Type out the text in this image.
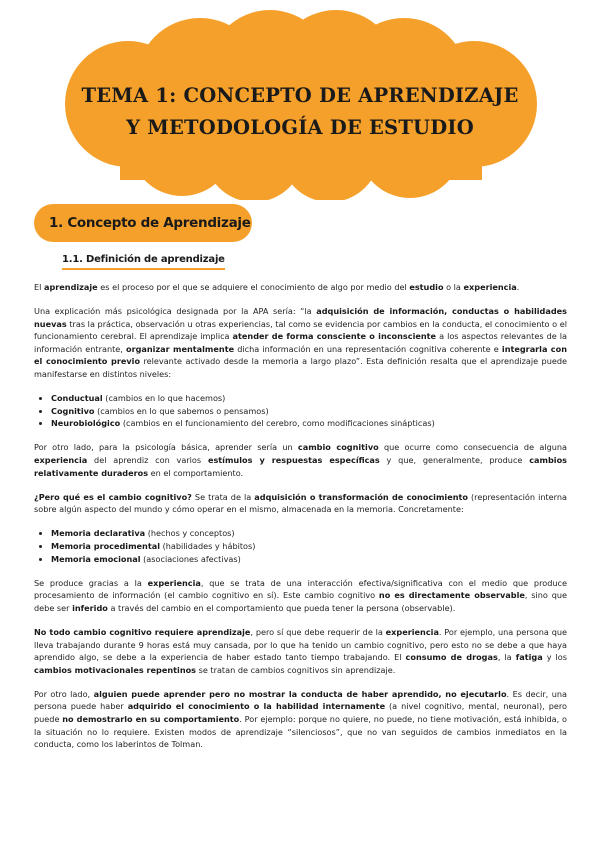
TEMA 1: CONCEPTO DE APRENDIZAJE
Y METODOLOGÍA DE ESTUDIO
1. Concepto de Aprendizaje
1.1. Definición de aprendizaje

El aprendizaje es el proceso por el que se adquiere el conocimiento de algo por medio del estudio o la experiencia.

Una explicación más psicológica designada por la APA sería: “la adquisición de información, conductas o habilidades nuevas tras la práctica, observación u otras experiencias, tal como se evidencia por cambios en la conducta, el conocimiento o el funcionamiento cerebral. El aprendizaje implica atender de forma consciente o inconsciente a los aspectos relevantes de la información entrante, organizar mentalmente dicha información en una representación cognitiva coherente e integrarla con el conocimiento previo relevante activado desde la memoria a largo plazo”. Esta definición resalta que el aprendizaje puede manifestarse en distintos niveles:

• Conductual (cambios en lo que hacemos)
• Cognitivo (cambios en lo que sabemos o pensamos)
• Neurobiológico (cambios en el funcionamiento del cerebro, como modificaciones sinápticas)

Por otro lado, para la psicología básica, aprender sería un cambio cognitivo que ocurre como consecuencia de alguna experiencia del aprendiz con varios estímulos y respuestas específicas y que, generalmente, produce cambios relativamente duraderos en el comportamiento.

¿Pero qué es el cambio cognitivo? Se trata de la adquisición o transformación de conocimiento (representación interna sobre algún aspecto del mundo y cómo operar en el mismo, almacenada en la memoria. Concretamente:

• Memoria declarativa (hechos y conceptos)
• Memoria procedimental (habilidades y hábitos)
• Memoria emocional (asociaciones afectivas)

Se produce gracias a la experiencia, que se trata de una interacción efectiva/significativa con el medio que produce procesamiento de información (el cambio cognitivo en sí). Este cambio cognitivo no es directamente observable, sino que debe ser inferido a través del cambio en el comportamiento que pueda tener la persona (observable).

No todo cambio cognitivo requiere aprendizaje, pero sí que debe requerir de la experiencia. Por ejemplo, una persona que lleva trabajando durante 9 horas está muy cansada, por lo que ha tenido un cambio cognitivo, pero esto no se debe a que haya aprendido algo, se debe a la experiencia de haber estado tanto tiempo trabajando. El consumo de drogas, la fatiga y los cambios motivacionales repentinos se tratan de cambios cognitivos sin aprendizaje.

Por otro lado, alguien puede aprender pero no mostrar la conducta de haber aprendido, no ejecutarlo. Es decir, una persona puede haber adquirido el conocimiento o la habilidad internamente (a nivel cognitivo, mental, neuronal), pero puede no demostrarlo en su comportamiento. Por ejemplo: porque no quiere, no puede, no tiene motivación, está inhibida, o la situación no lo requiere. Existen modos de aprendizaje “silenciosos”, que no van seguidos de cambios inmediatos en la conducta, como los laberintos de Tolman.
